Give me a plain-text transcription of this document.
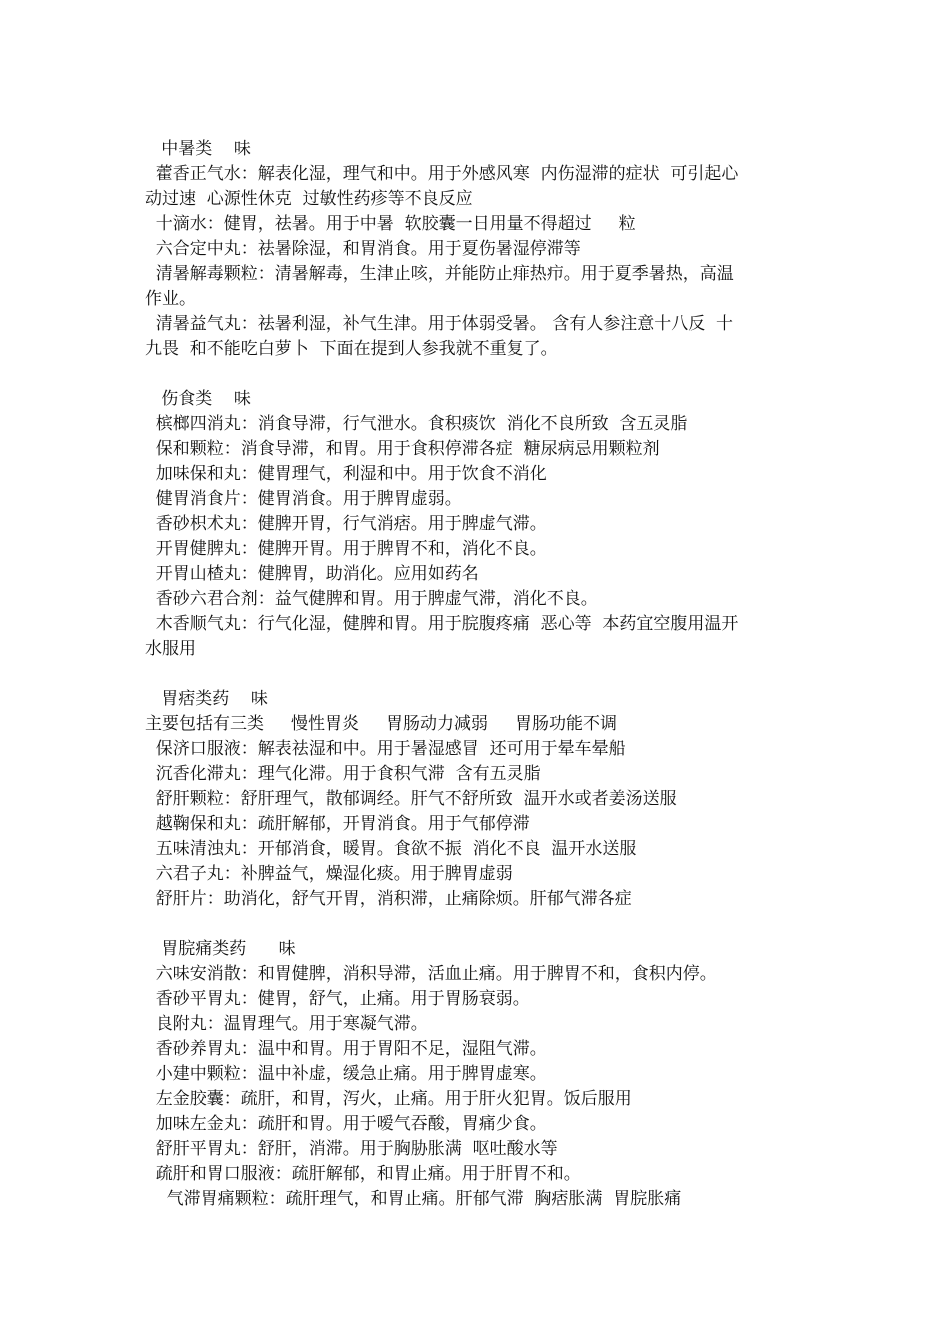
中暑类    味
藿香正气水：解表化湿，理气和中。用于外感风寒  内伤湿滞的症状  可引起心
动过速  心源性休克  过敏性药疹等不良反应
十滴水：健胃，祛暑。用于中暑  软胶囊一日用量不得超过     粒
六合定中丸：祛暑除湿，和胃消食。用于夏伤暑湿停滞等
清暑解毒颗粒：清暑解毒，生津止咳，并能防止痱热疖。用于夏季暑热，高温
作业。
清暑益气丸：祛暑利湿，补气生津。用于体弱受暑。 含有人参注意十八反  十
九畏  和不能吃白萝卜  下面在提到人参我就不重复了。
伤食类    味
槟榔四消丸：消食导滞，行气泄水。食积痰饮  消化不良所致  含五灵脂
保和颗粒：消食导滞，和胃。用于食积停滞各症  糖尿病忌用颗粒剂
加味保和丸：健胃理气，利湿和中。用于饮食不消化
健胃消食片：健胃消食。用于脾胃虚弱。
香砂枳术丸：健脾开胃，行气消痞。用于脾虚气滞。
开胃健脾丸：健脾开胃。用于脾胃不和，消化不良。
开胃山楂丸：健脾胃，助消化。应用如药名
香砂六君合剂：益气健脾和胃。用于脾虚气滞，消化不良。
木香顺气丸：行气化湿，健脾和胃。用于脘腹疼痛  恶心等  本药宜空腹用温开
水服用
胃痞类药    味
主要包括有三类     慢性胃炎     胃肠动力减弱     胃肠功能不调
保济口服液：解表祛湿和中。用于暑湿感冒  还可用于晕车晕船
沉香化滞丸：理气化滞。用于食积气滞  含有五灵脂
舒肝颗粒：舒肝理气，散郁调经。肝气不舒所致  温开水或者姜汤送服
越鞠保和丸：疏肝解郁，开胃消食。用于气郁停滞
五味清浊丸：开郁消食，暖胃。食欲不振  消化不良  温开水送服
六君子丸：补脾益气，燥湿化痰。用于脾胃虚弱
舒肝片：助消化，舒气开胃，消积滞，止痛除烦。肝郁气滞各症
胃脘痛类药      味
六味安消散：和胃健脾，消积导滞，活血止痛。用于脾胃不和，食积内停。
香砂平胃丸：健胃，舒气，止痛。用于胃肠衰弱。
良附丸：温胃理气。用于寒凝气滞。
香砂养胃丸：温中和胃。用于胃阳不足，湿阻气滞。
小建中颗粒：温中补虚，缓急止痛。用于脾胃虚寒。
左金胶囊：疏肝，和胃，泻火，止痛。用于肝火犯胃。饭后服用
加味左金丸：疏肝和胃。用于嗳气吞酸，胃痛少食。
舒肝平胃丸：舒肝，消滞。用于胸胁胀满  呕吐酸水等
疏肝和胃口服液：疏肝解郁，和胃止痛。用于肝胃不和。
气滞胃痛颗粒：疏肝理气，和胃止痛。肝郁气滞  胸痞胀满  胃脘胀痛
